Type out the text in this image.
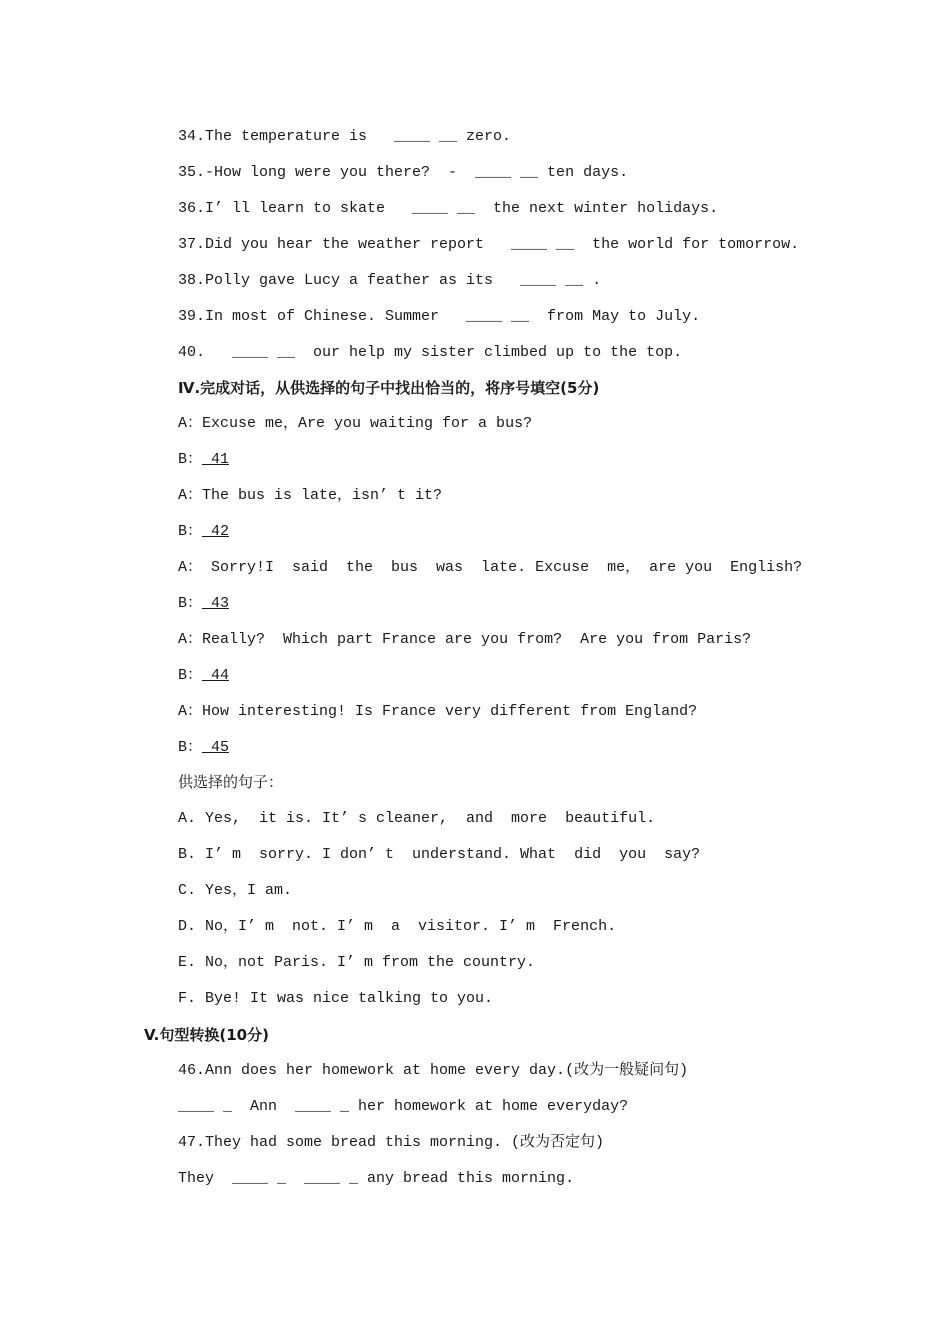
34.The temperature is   ____ __ zero.
35.-How long were you there?  -  ____ __ ten days.
36.I’ ll learn to skate   ____ __  the next winter holidays.
37.Did you hear the weather report   ____ __  the world for tomorrow.
38.Polly gave Lucy a feather as its   ____ __ .
39.In most of Chinese. Summer   ____ __  from May to July.
40.   ____ __  our help my sister climbed up to the top.
Ⅳ.完成对话，从供选择的句子中找出恰当的，将序号填空(5分)
A：Excuse me，Are you waiting for a bus?
B： 41
A：The bus is late，isn’ t it?
B： 42
A： Sorry!I  said  the  bus  was  late. Excuse  me， are you  English?
B： 43
A：Really?  Which part France are you from?  Are you from Paris?
B： 44
A：How interesting! Is France very different from England?
B： 45
供选择的句子：
A. Yes,  it is. It’ s cleaner,  and  more  beautiful.
B. I’ m  sorry. I don’ t  understand. What  did  you  say?
C. Yes，I am.
D. No，I’ m  not. I’ m  a  visitor. I’ m  French.
E. No，not Paris. I’ m from the country.
F. Bye! It was nice talking to you.
V.句型转换(10分)
46.Ann does her homework at home every day.(改为一般疑问句)
____ _  Ann  ____ _ her homework at home everyday?
47.They had some bread this morning. (改为否定句)
They  ____ _  ____ _ any bread this morning.
